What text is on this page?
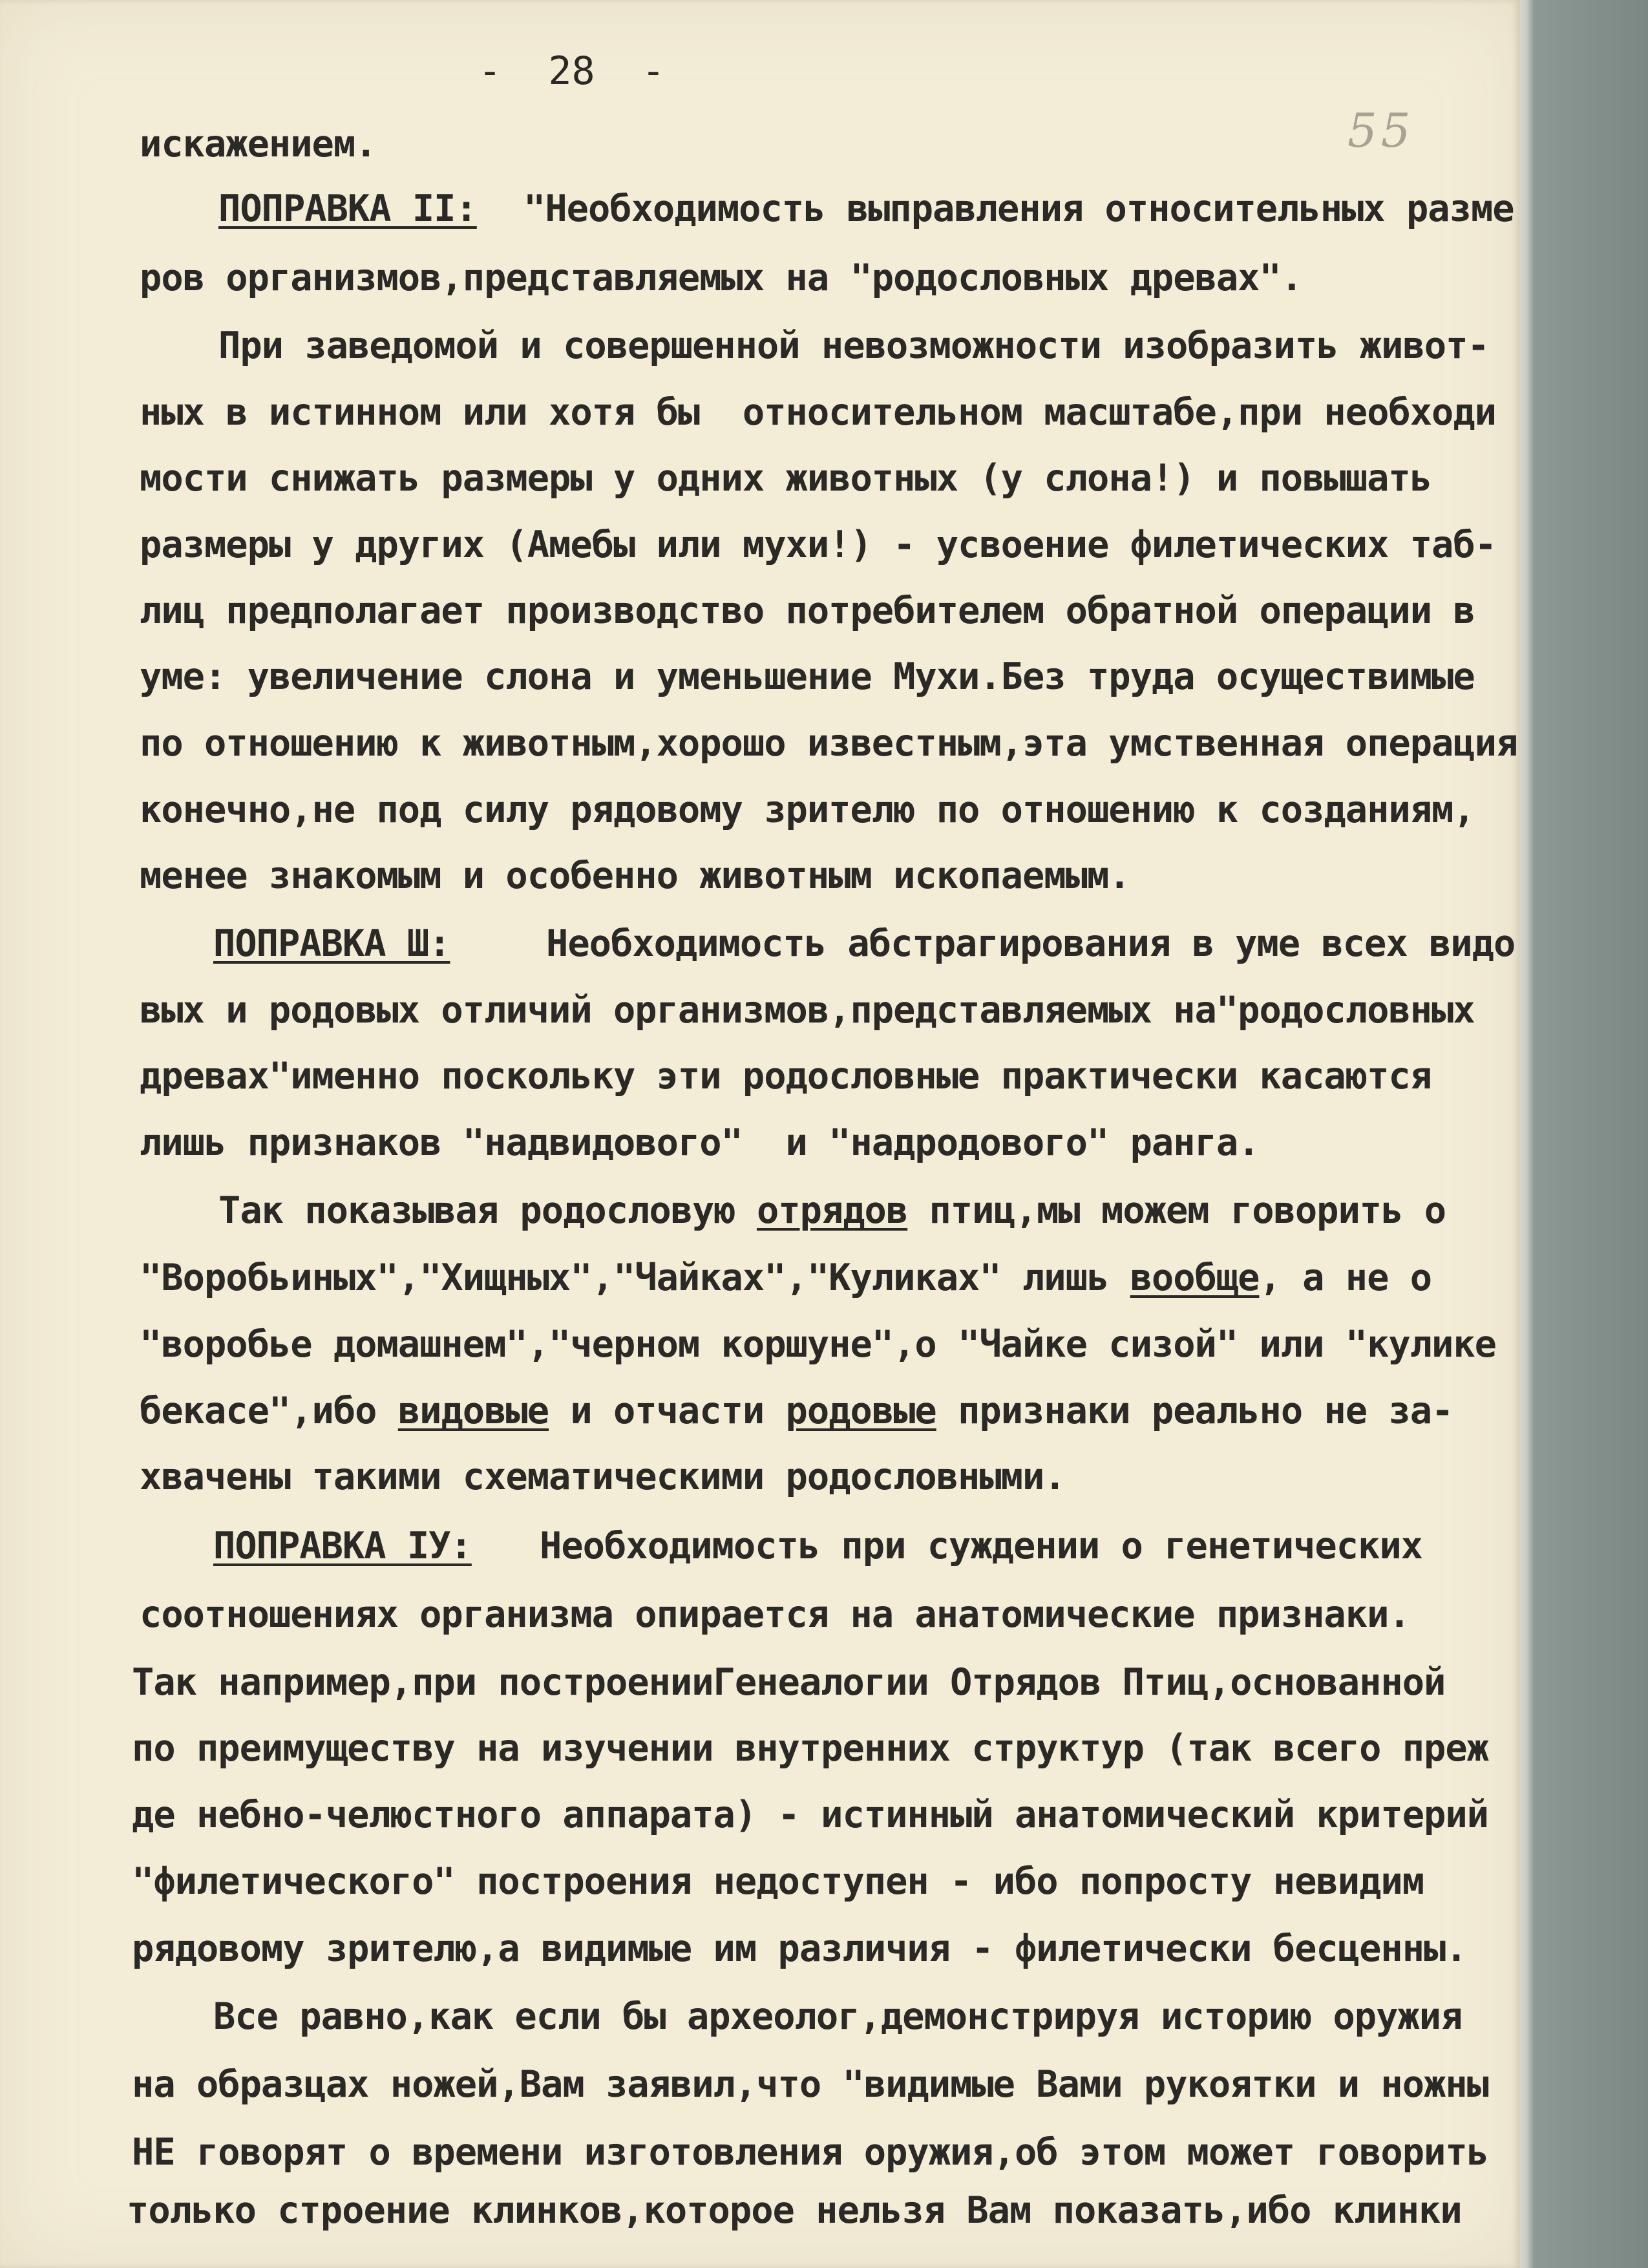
-  28  -
55
искажением.
ПОПРАВКА II: "Необходимость выправления относительных разме
ров организмов,представляемых на "родословных древах".
При заведомой и совершенной невозможности изобразить живот-
ных в истинном или хотя бы  относительном масштабе,при необходи
мости снижать размеры у одних животных (у слона!) и повышать
размеры у других (Амебы или мухи!) - усвоение филетических таб-
лиц предполагает производство потребителем обратной операции в
уме: увеличение слона и уменьшение Мухи.Без труда осуществимые
по отношению к животным,хорошо известным,эта умственная операция
конечно,не под силу рядовому зрителю по отношению к созданиям,
менее знакомым и особенно животным ископаемым.
ПОПРАВКА Ш:	Необходимость абстрагирования в уме всех видо
вых и родовых отличий организмов,представляемых на"родословных
древах"именно поскольку эти родословные практически касаются
лишь признаков "надвидового"  и "надродового" ранга.
Так показывая родословую отрядов птиц,мы можем говорить о
"Воробьиных","Хищных","Чайках","Куликах" лишь вообще, а не о
"воробье домашнем","черном коршуне",о "Чайке сизой" или "кулике
бекасе",ибо видовые и отчасти родовые признаки реально не за-
хвачены такими схематическими родословными.
ПОПРАВКА IУ: Необходимость при суждении о генетических
соотношениях организма опирается на анатомические признаки.
Так например,при построенииГенеалогии Отрядов Птиц,основанной
по преимуществу на изучении внутренних структур (так всего преж
де небно-челюстного аппарата) - истинный анатомический критерий
"филетического" построения недоступен - ибо попросту невидим
рядовому зрителю,а видимые им различия - филетически бесценны.
Все равно,как если бы археолог,демонстрируя историю оружия
на образцах ножей,Вам заявил,что "видимые Вами рукоятки и ножны
НЕ говорят о времени изготовления оружия,об этом может говорить
только строение клинков,которое нельзя Вам показать,ибо клинки
